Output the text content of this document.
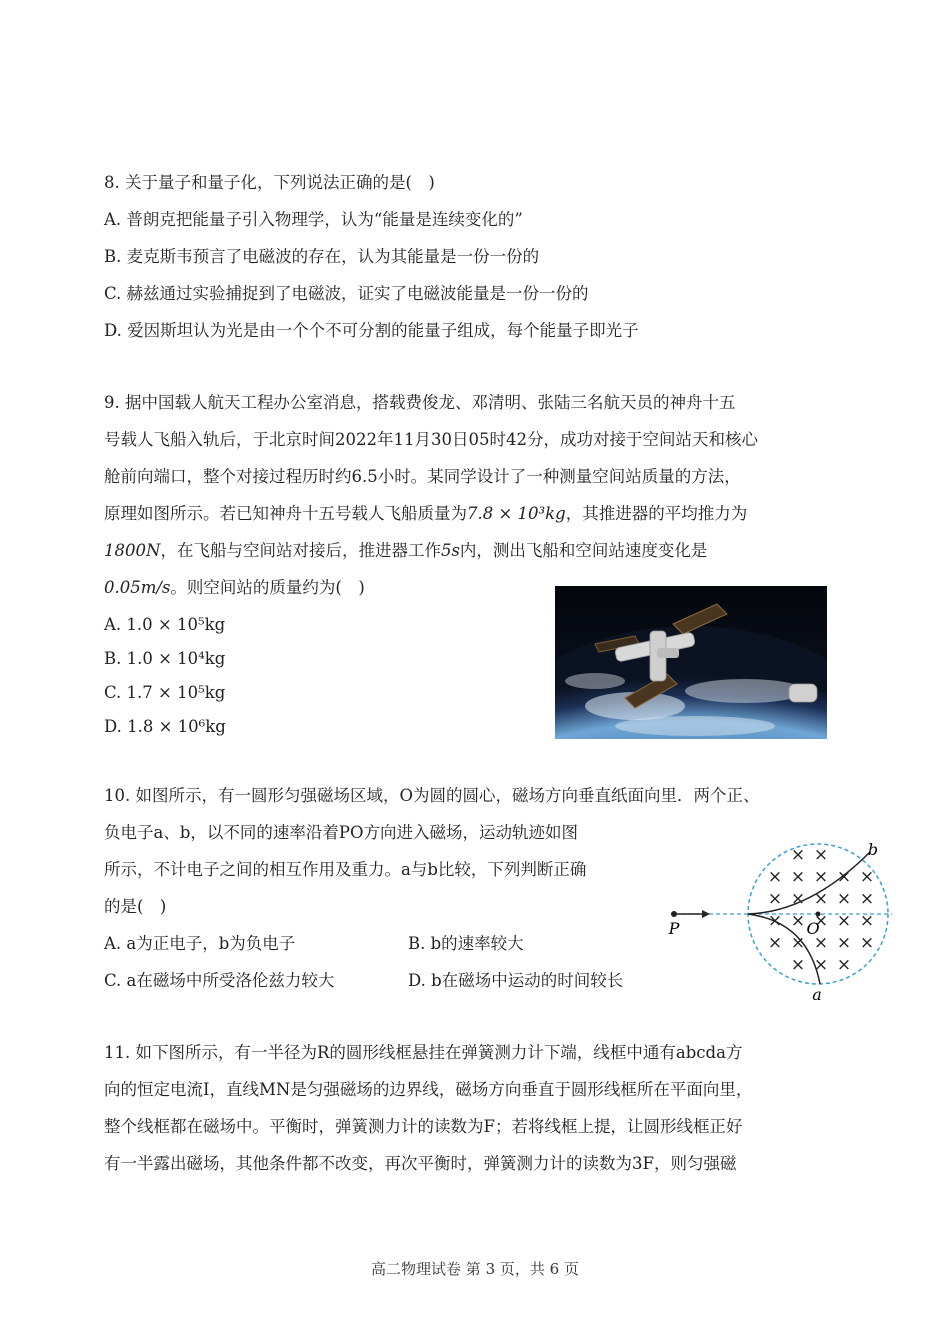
8. 关于量子和量子化，下列说法正确的是(　)
A. 普朗克把能量子引入物理学，认为“能量是连续变化的”
B. 麦克斯韦预言了电磁波的存在，认为其能量是一份一份的
C. 赫兹通过实验捕捉到了电磁波，证实了电磁波能量是一份一份的
D. 爱因斯坦认为光是由一个个不可分割的能量子组成，每个能量子即光子
9. 据中国载人航天工程办公室消息，搭载费俊龙、邓清明、张陆三名航天员的神舟十五
号载人飞船入轨后，于北京时间2022年11月30日05时42分，成功对接于空间站天和核心
舱前向端口，整个对接过程历时约6.5小时。某同学设计了一种测量空间站质量的方法，
原理如图所示。若已知神舟十五号载人飞船质量为7.8 × 10³kg，其推进器的平均推力为
1800N，在飞船与空间站对接后，推进器工作5s内，测出飞船和空间站速度变化是
0.05m/s。则空间站的质量约为(　)
A. 1.0 × 10⁵kg
B. 1.0 × 10⁴kg
C. 1.7 × 10⁵kg
D. 1.8 × 10⁶kg
10. 如图所示，有一圆形匀强磁场区域，O为圆的圆心，磁场方向垂直纸面向里．两个正、
负电子a、b，以不同的速率沿着PO方向进入磁场，运动轨迹如图
所示，不计电子之间的相互作用及重力。a与b比较，下列判断正确
的是(　)
A. a为正电子，b为负电子	B. b的速率较大
C. a在磁场中所受洛伦兹力较大	D. b在磁场中运动的时间较长
× ×
× × × × ×
× × × × ×
× × × × ×
× × × × ×
× × ×
P	O
b
a
11. 如下图所示，有一半径为R的圆形线框悬挂在弹簧测力计下端，线框中通有abcda方
向的恒定电流I，直线MN是匀强磁场的边界线，磁场方向垂直于圆形线框所在平面向里，
整个线框都在磁场中。平衡时，弹簧测力计的读数为F；若将线框上提，让圆形线框正好
有一半露出磁场，其他条件都不改变，再次平衡时，弹簧测力计的读数为3F，则匀强磁
高二物理试卷 第 3 页，共 6 页
